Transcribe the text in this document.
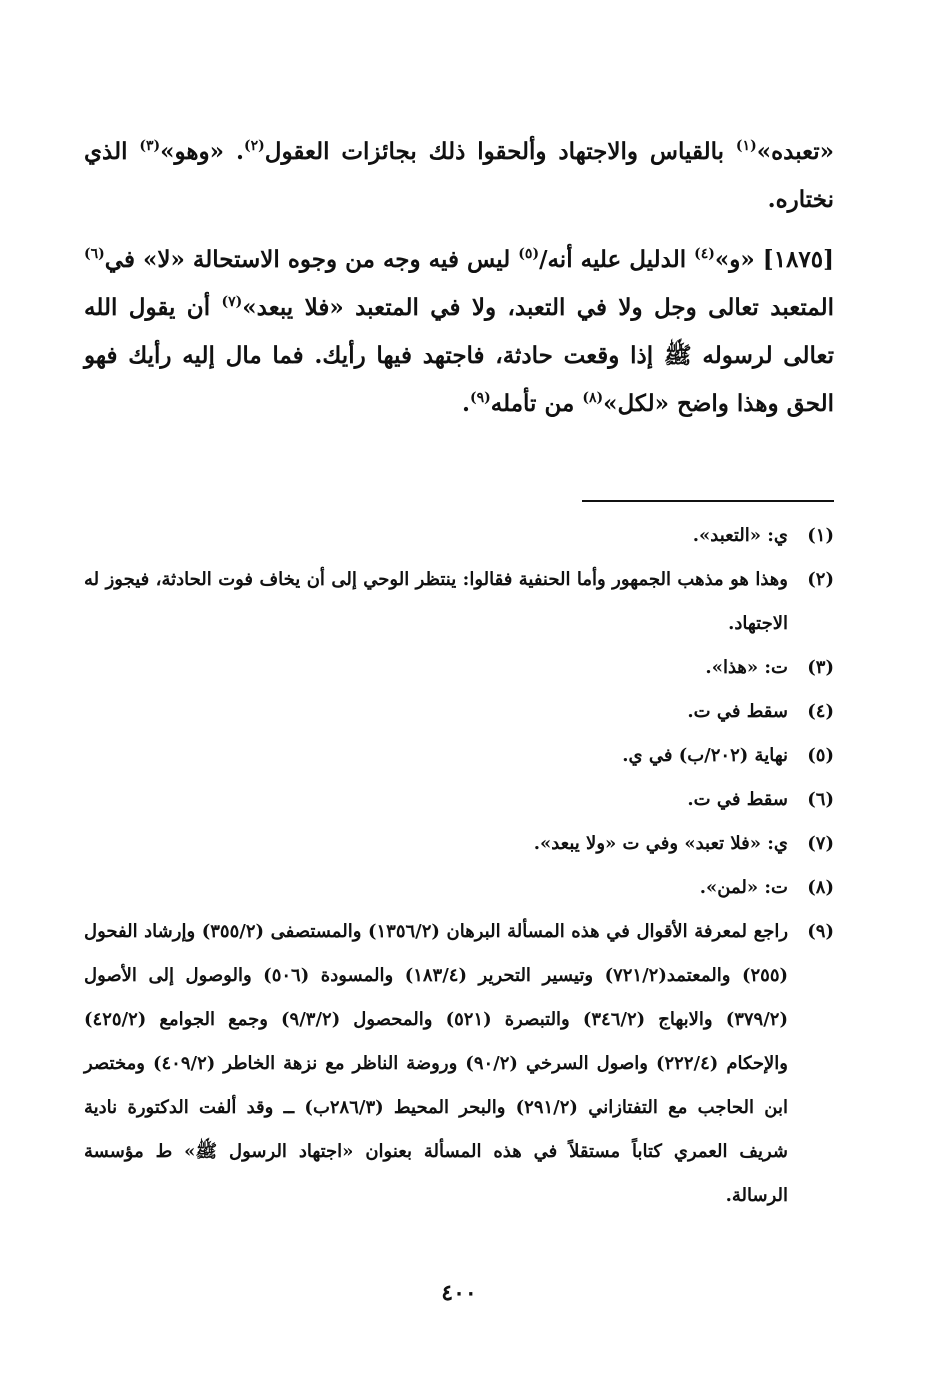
«تعبده»$^{(١)}$ بالقياس والاجتهاد وألحقوا ذلك بجائزات العقول$^{(٢)}$. «وهو»$^{(٣)}$ الذي نختاره.

[١٨٧٥] «و»$^{(٤)}$ الدليل عليه أنه/$^{(٥)}$ ليس فيه وجه من وجوه الاستحالة «لا» في$^{(٦)}$ المتعبد تعالى وجل ولا في التعبد، ولا في المتعبد «فلا يبعد»$^{(٧)}$ أن يقول الله تعالى لرسوله ﷺ إذا وقعت حادثة، فاجتهد فيها رأيك. فما مال إليه رأيك فهو الحق وهذا واضح «لكل»$^{(٨)}$ من تأمله$^{(٩)}$.

(١)
ي: «التعبد».
(٢)
وهذا هو مذهب الجمهور وأما الحنفية فقالوا: ينتظر الوحي إلى أن يخاف فوت الحادثة، فيجوز له الاجتهاد.
(٣)
ت: «هذا».
(٤)
سقط في ت.
(٥)
نهاية (٢٠٢/ب) في ي.
(٦)
سقط في ت.
(٧)
ي: «فلا تعبد» وفي ت «ولا يبعد».
(٨)
ت: «لمن».
(٩)
راجع لمعرفة الأقوال في هذه المسألة البرهان (١٣٥٦/٢) والمستصفى (٣٥٥/٢) وإرشاد الفحول (٢٥٥) والمعتمد(٧٢١/٢) وتيسير التحرير (١٨٣/٤) والمسودة (٥٠٦) والوصول إلى الأصول (٣٧٩/٢) والابهاج (٣٤٦/٢) والتبصرة (٥٢١) والمحصول (٩/٣/٢) وجمع الجوامع (٤٢٥/٢) والإحكام (٢٢٢/٤) واصول السرخي (٩٠/٢) وروضة الناظر مع نزهة الخاطر (٤٠٩/٢) ومختصر ابن الحاجب مع التفتازاني (٢٩١/٢) والبحر المحيط (٢٨٦/٣ب) ــ وقد ألفت الدكتورة نادية شريف العمري كتاباً مستقلاً في هذه المسألة بعنوان «اجتهاد الرسول ﷺ» ط مؤسسة الرسالة.
٤٠٠
